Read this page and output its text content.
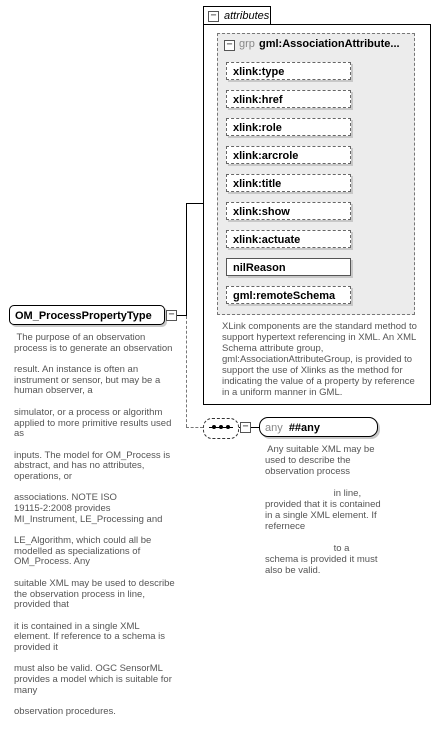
− attributes
− grp gml:AssociationAttribute...
xlink:type
xlink:href
xlink:role
xlink:arcrole
xlink:title
xlink:show
xlink:actuate
nilReason
gml:remoteSchema
XLink components are the standard method to
support hypertext referencing in XML. An XML
Schema attribute group,
gml:AssociationAttributeGroup, is provided to
support the use of Xlinks as the method for
indicating the value of a property by reference
in a uniform manner in GML.
OM_ProcessPropertyType	−
The purpose of an observation
process is to generate an observation
result. An instance is often an
instrument or sensor, but may be a
human observer, a
simulator, or a process or algorithm
applied to more primitive results used
as
inputs. The model for OM_Process is
abstract, and has no attributes,
operations, or
associations. NOTE ISO
19115-2:2008 provides
MI_Instrument, LE_Processing and
LE_Algorithm, which could all be
modelled as specializations of
OM_Process. Any
suitable XML may be used to describe
the observation process in line,
provided that
it is contained in a single XML
element. If reference to a schema is
provided it
must also be valid. OGC SensorML
provides a model which is suitable for
many
observation procedures.
−	any ##any
Any suitable XML may be
used to describe the
observation process
in line,
provided that it is contained
in a single XML element. If
refernece
to a
schema is provided it must
also be valid.
